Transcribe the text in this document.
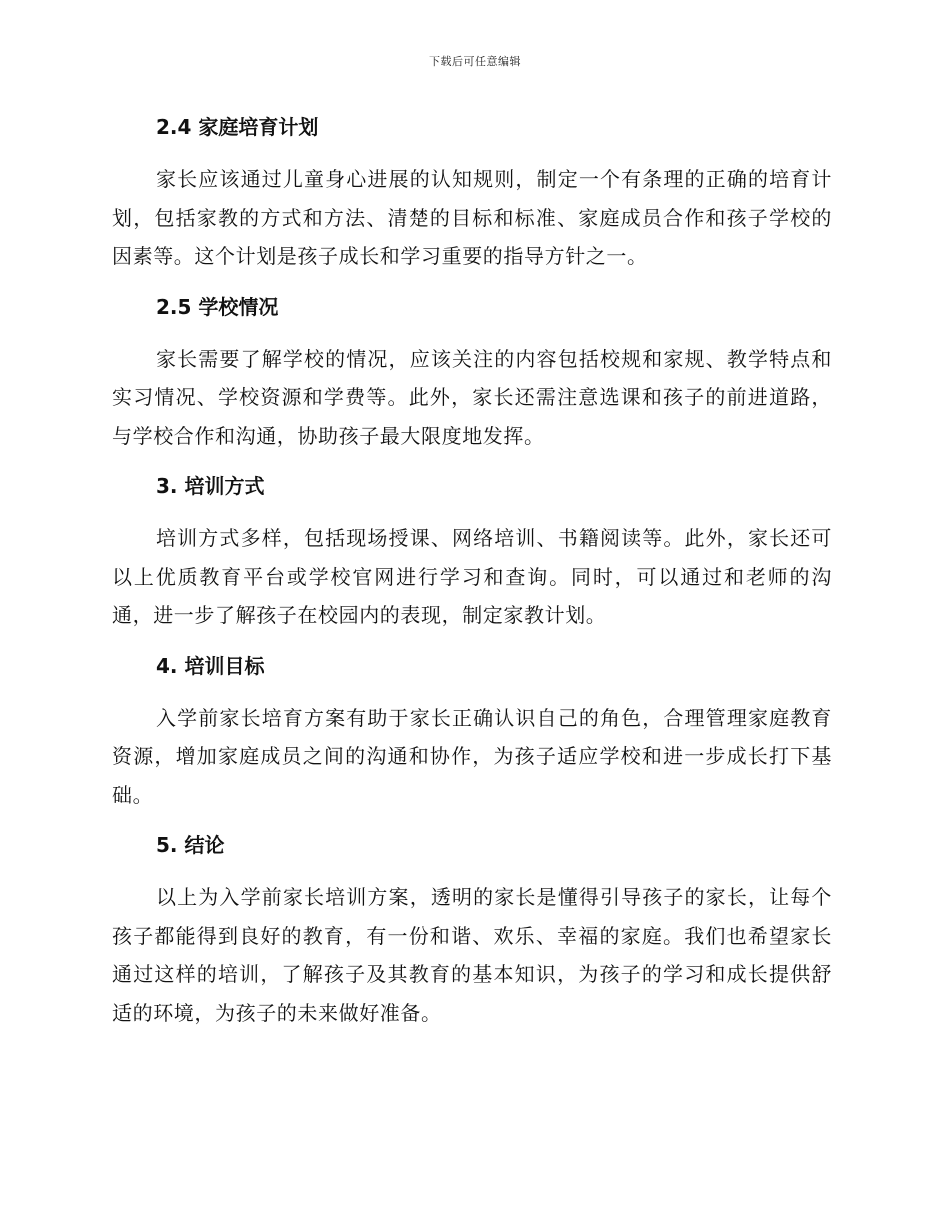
下载后可任意编辑
2.4 家庭培育计划

家长应该通过儿童身心进展的认知规则，制定一个有条理的正确的培育计划，包括家教的方式和方法、清楚的目标和标准、家庭成员合作和孩子学校的因素等。这个计划是孩子成长和学习重要的指导方针之一。

2.5 学校情况

家长需要了解学校的情况，应该关注的内容包括校规和家规、教学特点和实习情况、学校资源和学费等。此外，家长还需注意选课和孩子的前进道路，与学校合作和沟通，协助孩子最大限度地发挥。

3. 培训方式

培训方式多样，包括现场授课、网络培训、书籍阅读等。此外，家长还可以上优质教育平台或学校官网进行学习和查询。同时，可以通过和老师的沟通，进一步了解孩子在校园内的表现，制定家教计划。

4. 培训目标

入学前家长培育方案有助于家长正确认识自己的角色，合理管理家庭教育资源，增加家庭成员之间的沟通和协作，为孩子适应学校和进一步成长打下基础。

5. 结论

以上为入学前家长培训方案，透明的家长是懂得引导孩子的家长，让每个孩子都能得到良好的教育，有一份和谐、欢乐、幸福的家庭。我们也希望家长通过这样的培训，了解孩子及其教育的基本知识，为孩子的学习和成长提供舒适的环境，为孩子的未来做好准备。
